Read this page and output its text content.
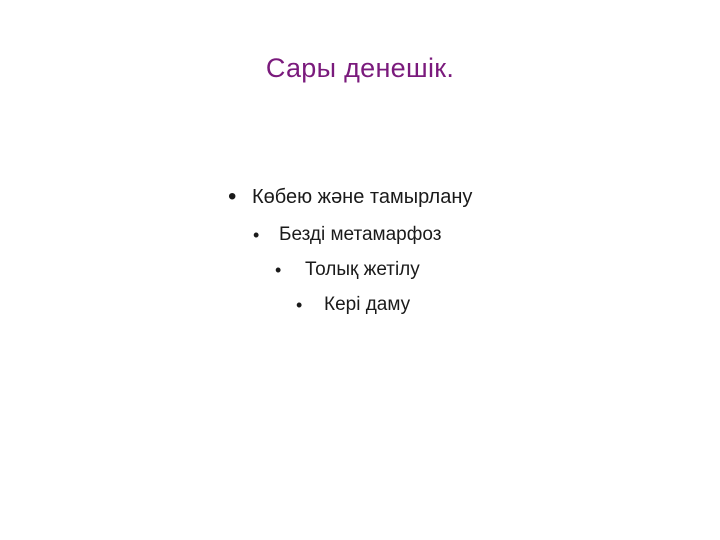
Сары денешік.
• Көбею және тамырлану
•	Безді метамарфоз
•	Толық жетілу
•	Кері даму
